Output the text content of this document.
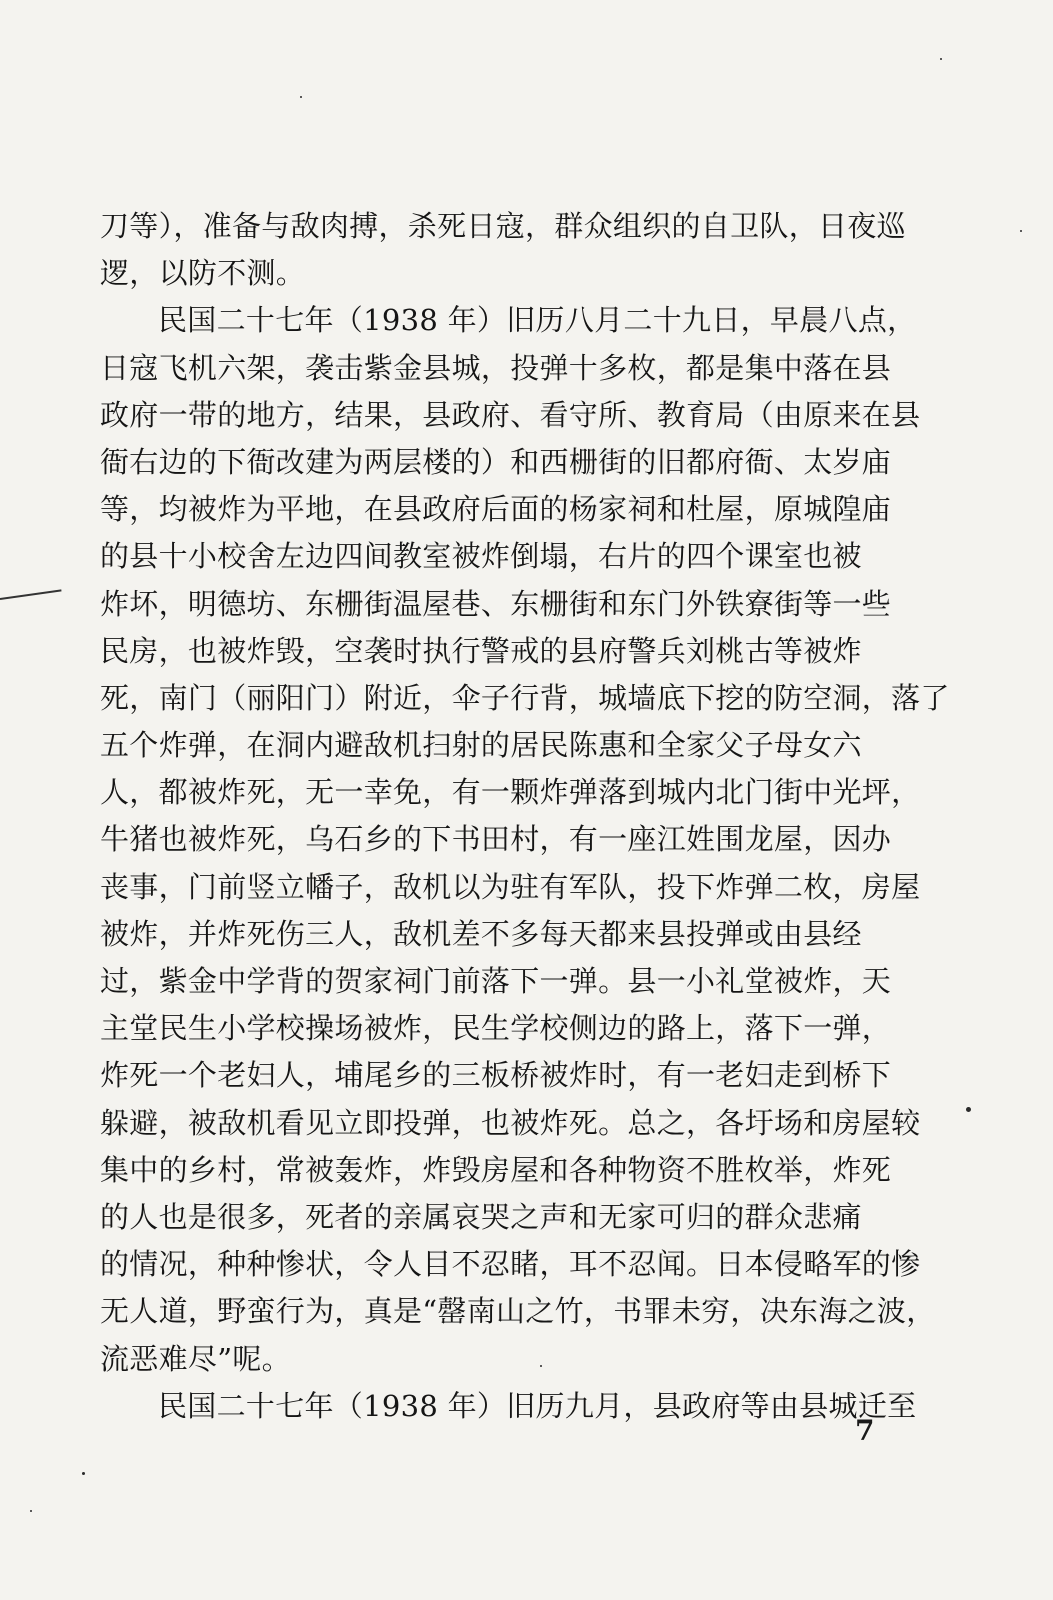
刀等），准备与敌肉搏，杀死日寇，群众组织的自卫队，日夜巡
逻，以防不测。
民国二十七年（1938 年）旧历八月二十九日，早晨八点，
日寇飞机六架，袭击紫金县城，投弹十多枚，都是集中落在县
政府一带的地方，结果，县政府、看守所、教育局（由原来在县
衙右边的下衙改建为两层楼的）和西栅街的旧都府衙、太岁庙
等，均被炸为平地，在县政府后面的杨家祠和杜屋，原城隍庙
的县十小校舍左边四间教室被炸倒塌，右片的四个课室也被
炸坏，明德坊、东栅街温屋巷、东栅街和东门外铁寮街等一些
民房，也被炸毁，空袭时执行警戒的县府警兵刘桃古等被炸
死，南门（丽阳门）附近，伞子行背，城墙底下挖的防空洞，落了
五个炸弹，在洞内避敌机扫射的居民陈惠和全家父子母女六
人，都被炸死，无一幸免，有一颗炸弹落到城内北门街中光坪，
牛猪也被炸死，乌石乡的下书田村，有一座江姓围龙屋，因办
丧事，门前竖立幡子，敌机以为驻有军队，投下炸弹二枚，房屋
被炸，并炸死伤三人，敌机差不多每天都来县投弹或由县经
过，紫金中学背的贺家祠门前落下一弹。县一小礼堂被炸，天
主堂民生小学校操场被炸，民生学校侧边的路上，落下一弹，
炸死一个老妇人，埔尾乡的三板桥被炸时，有一老妇走到桥下
躲避，被敌机看见立即投弹，也被炸死。总之，各圩场和房屋较
集中的乡村，常被轰炸，炸毁房屋和各种物资不胜枚举，炸死
的人也是很多，死者的亲属哀哭之声和无家可归的群众悲痛
的情况，种种惨状，令人目不忍睹，耳不忍闻。日本侵略军的惨
无人道，野蛮行为，真是“罄南山之竹，书罪未穷，决东海之波，
流恶难尽”呢。
民国二十七年（1938 年）旧历九月，县政府等由县城迁至
7
